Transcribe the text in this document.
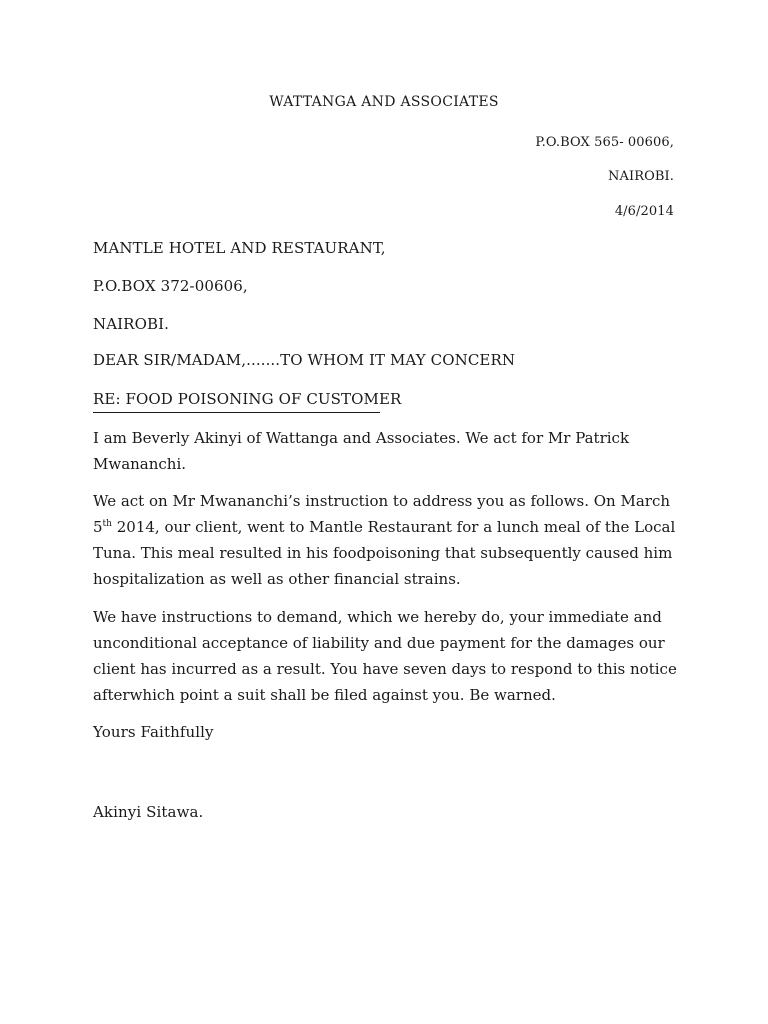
WATTANGA AND ASSOCIATES
P.O.BOX 565- 00606,
NAIROBI.
4/6/2014
MANTLE HOTEL AND RESTAURANT,
P.O.BOX 372-00606,
NAIROBI.
DEAR SIR/MADAM,.......TO WHOM IT MAY CONCERN
RE: FOOD POISONING OF CUSTOMER

I am Beverly Akinyi of Wattanga and Associates. We act for Mr Patrick

Mwananchi.

We act on Mr Mwananchi’s instruction to address you as follows. On March

5th 2014, our client, went to Mantle Restaurant for a lunch meal of the Local

Tuna. This meal resulted in his foodpoisoning that subsequently caused him

hospitalization as well as other financial strains.

We have instructions to demand, which we hereby do, your immediate and

unconditional acceptance of liability and due payment for the damages our

client has incurred as a result. You have seven days to respond to this notice

afterwhich point a suit shall be filed against you. Be warned.

Yours Faithfully
Akinyi Sitawa.
